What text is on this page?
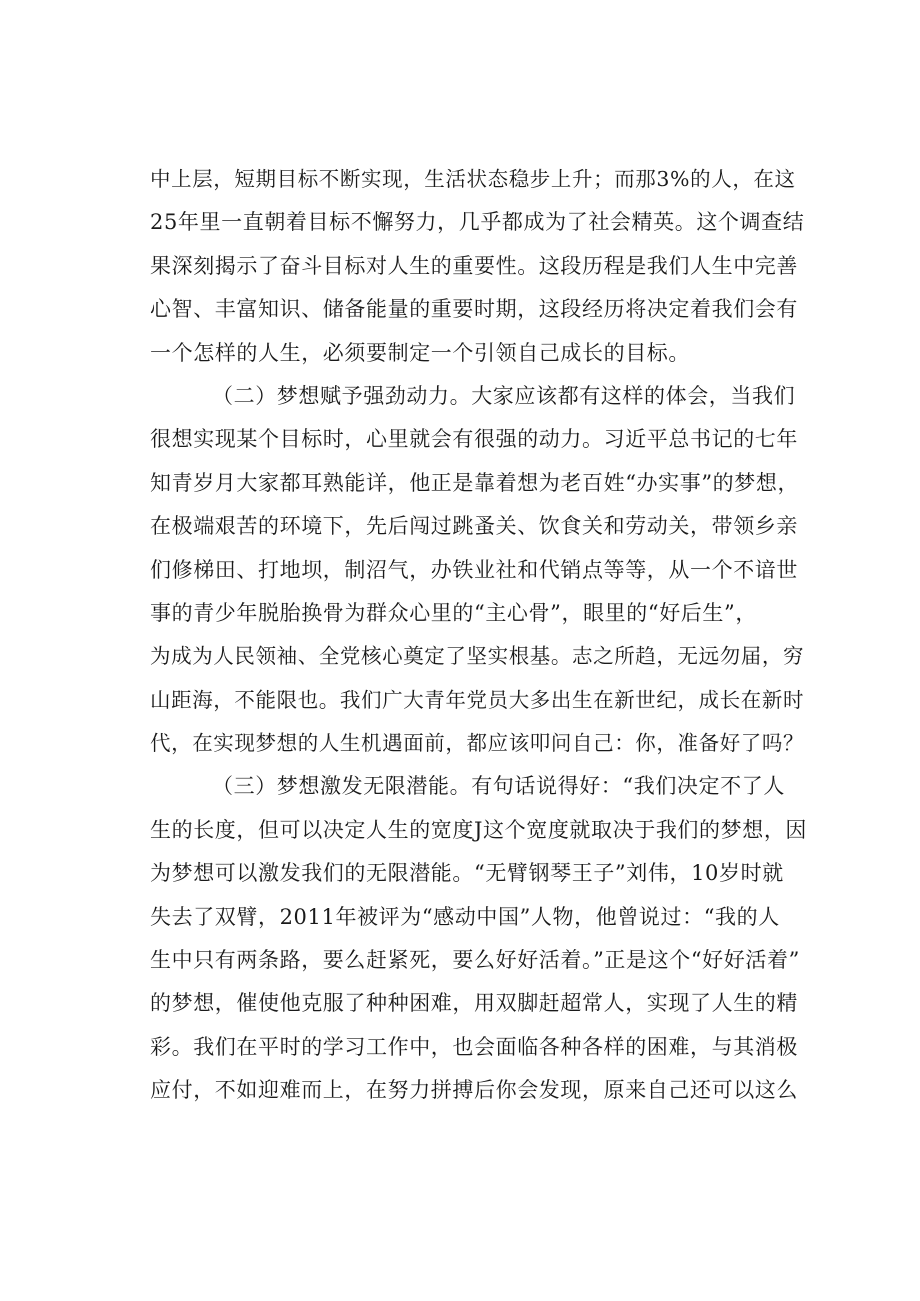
中上层，短期目标不断实现，生活状态稳步上升；而那3%的人，在这
25年里一直朝着目标不懈努力，几乎都成为了社会精英。这个调查结
果深刻揭示了奋斗目标对人生的重要性。这段历程是我们人生中完善
心智、丰富知识、储备能量的重要时期，这段经历将决定着我们会有
一个怎样的人生，必须要制定一个引领自己成长的目标。
（二）梦想赋予强劲动力。大家应该都有这样的体会，当我们
很想实现某个目标时，心里就会有很强的动力。习近平总书记的七年
知青岁月大家都耳熟能详，他正是靠着想为老百姓“办实事”的梦想，
在极端艰苦的环境下，先后闯过跳蚤关、饮食关和劳动关，带领乡亲
们修梯田、打地坝，制沼气，办铁业社和代销点等等，从一个不谙世
事的青少年脱胎换骨为群众心里的“主心骨”，眼里的“好后生”，
为成为人民领袖、全党核心奠定了坚实根基。志之所趋，无远勿届，穷
山距海，不能限也。我们广大青年党员大多出生在新世纪，成长在新时
代，在实现梦想的人生机遇面前，都应该叩问自己：你，准备好了吗？
（三）梦想激发无限潜能。有句话说得好：“我们决定不了人
生的长度，但可以决定人生的宽度J这个宽度就取决于我们的梦想，因
为梦想可以激发我们的无限潜能。“无臂钢琴王子”刘伟，10岁时就
失去了双臂，2011年被评为“感动中国”人物，他曾说过：“我的人
生中只有两条路，要么赶紧死，要么好好活着。”正是这个“好好活着”
的梦想，催使他克服了种种困难，用双脚赶超常人，实现了人生的精
彩。我们在平时的学习工作中，也会面临各种各样的困难，与其消极
应付，不如迎难而上，在努力拼搏后你会发现，原来自己还可以这么
